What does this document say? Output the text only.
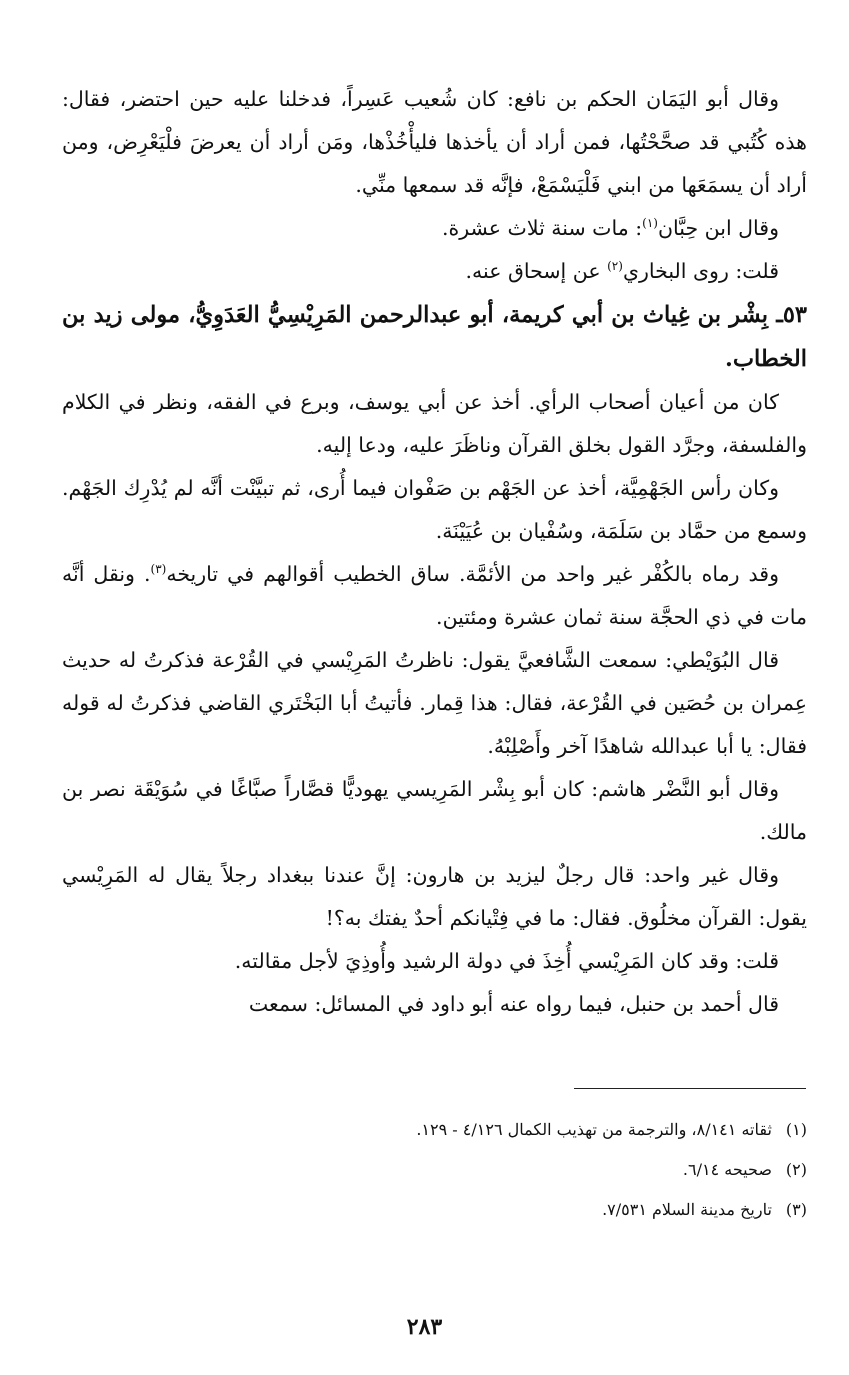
وقال أبو اليَمَان الحكم بن نافع: كان شُعيب عَسِراً، فدخلنا عليه حين احتضر، فقال: هذه كُتُبي قد صحَّحْتُها، فمن أراد أن يأخذها فليأْخُذْها، ومَن أراد أن يعرضَ فلْيَعْرِض، ومن أراد أن يسمَعَها من ابني فَلْيَسْمَعْ، فإنَّه قد سمعها منِّي.

وقال ابن حِبَّان$^{(١)}$: مات سنة ثلاث عشرة.

قلت: روى البخاري$^{(٢)}$ عن إسحاق عنه.

٥٣ـ بِشْر بن غِياث بن أبي كريمة، أبو عبدالرحمن المَرِيْسِيُّ العَدَوِيُّ، مولى زيد بن الخطاب.

كان من أعيان أصحاب الرأي. أخذ عن أبي يوسف، وبرع في الفقه، ونظر في الكلام والفلسفة، وجرَّد القول بخلق القرآن وناظَرَ عليه، ودعا إليه.

وكان رأس الجَهْمِيَّة، أخذ عن الجَهْم بن صَفْوان فيما أُرى، ثم تبيَّنْت أنَّه لم يُدْرِك الجَهْم. وسمع من حمَّاد بن سَلَمَة، وسُفْيان بن عُيَيْنَة.

وقد رماه بالكُفْر غير واحد من الأئمَّة. ساق الخطيب أقوالهم في تاريخه$^{(٣)}$. ونقل أنَّه مات في ذي الحجَّة سنة ثمان عشرة ومئتين.

قال البُوَيْطي: سمعت الشَّافعيَّ يقول: ناظرتُ المَرِيْسي في القُرْعة فذكرتُ له حديث عِمران بن حُصَين في القُرْعة، فقال: هذا قِمار. فأتيتُ أبا البَخْتَري القاضي فذكرتُ له قوله فقال: يا أبا عبدالله شاهدًا آخر وأَصْلِبْهُ.

وقال أبو النَّضْر هاشم: كان أبو بِشْر المَرِيسي يهوديًّا قصَّاراً صبَّاغًا في سُوَيْقَة نصر بن مالك.

وقال غير واحد: قال رجلٌ ليزيد بن هارون: إنَّ عندنا ببغداد رجلاً يقال له المَرِيْسي يقول: القرآن مخلُوق. فقال: ما في فِتْيانكم أحدٌ يفتك به؟!

قلت: وقد كان المَرِيْسي أُخِذَ في دولة الرشيد وأُوذِيَ لأجل مقالته.

قال أحمد بن حنبل، فيما رواه عنه أبو داود في المسائل: سمعت

(١)ثقاته ٨/١٤١، والترجمة من تهذيب الكمال ٤/١٢٦ - ١٢٩.

(٢)صحيحه ٦/١٤.

(٣)تاريخ مدينة السلام ٧/٥٣١.

٢٨٣
